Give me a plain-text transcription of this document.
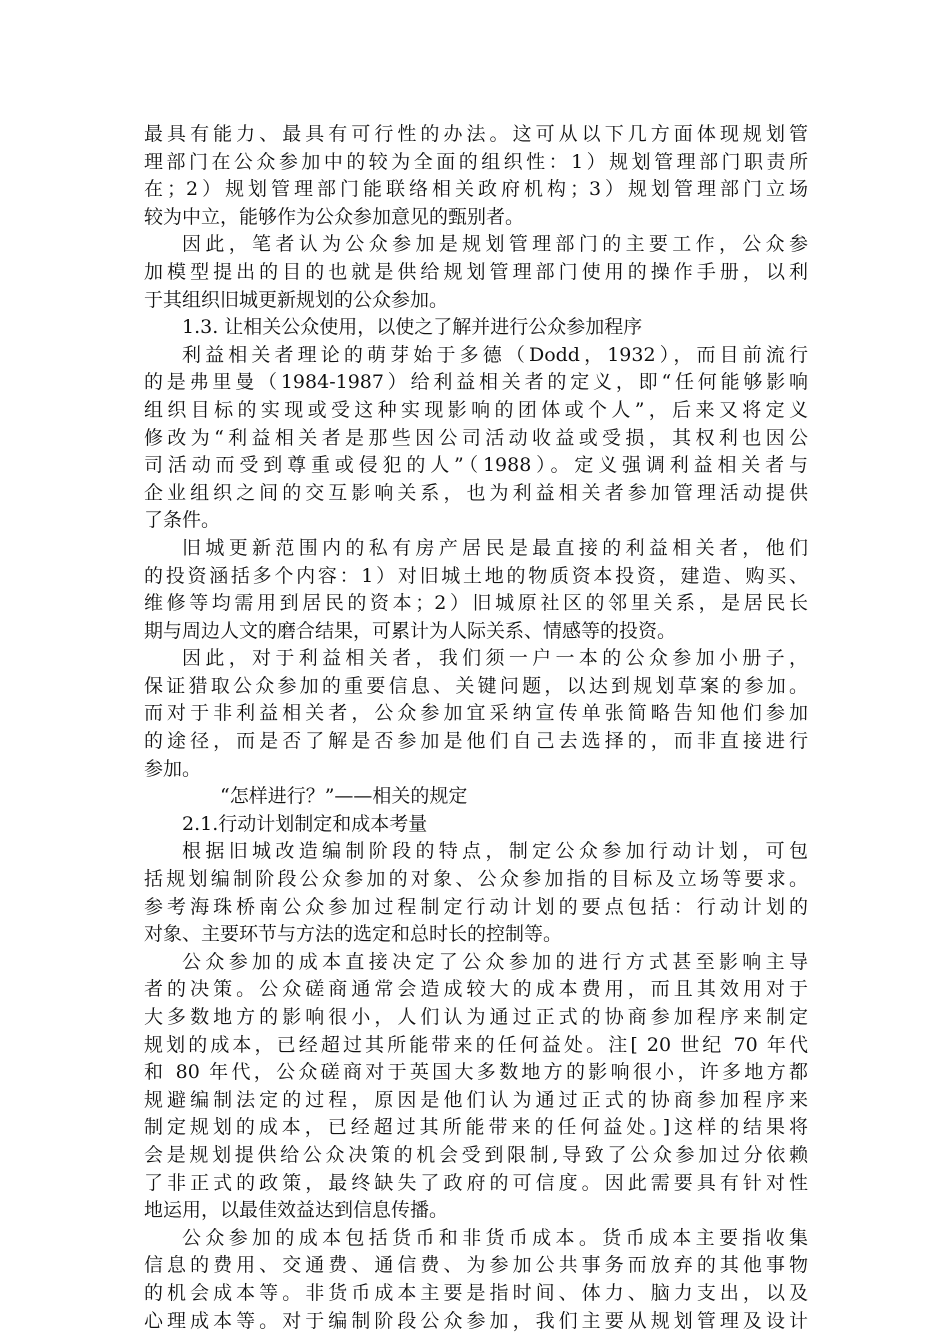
最具有能力、最具有可行性的办法。这可从以下几方面体现规划管
理部门在公众参加中的较为全面的组织性：1）规划管理部门职责所
在；2）规划管理部门能联络相关政府机构；3）规划管理部门立场
较为中立，能够作为公众参加意见的甄别者。
因此，笔者认为公众参加是规划管理部门的主要工作，公众参
加模型提出的目的也就是供给规划管理部门使用的操作手册，以利
于其组织旧城更新规划的公众参加。
1.3. 让相关公众使用，以使之了解并进行公众参加程序
利益相关者理论的萌芽始于多德（Dodd，1932），而目前流行
的是弗里曼（1984-1987）给利益相关者的定义，即“任何能够影响
组织目标的实现或受这种实现影响的团体或个人”，后来又将定义
修改为“利益相关者是那些因公司活动收益或受损，其权利也因公
司活动而受到尊重或侵犯的人”（1988）。定义强调利益相关者与
企业组织之间的交互影响关系，也为利益相关者参加管理活动提供
了条件。
旧城更新范围内的私有房产居民是最直接的利益相关者，他们
的投资涵括多个内容：1）对旧城土地的物质资本投资，建造、购买、
维修等均需用到居民的资本；2）旧城原社区的邻里关系，是居民长
期与周边人文的磨合结果，可累计为人际关系、情感等的投资。
因此，对于利益相关者，我们须一户一本的公众参加小册子，
保证猎取公众参加的重要信息、关键问题，以达到规划草案的参加。
而对于非利益相关者，公众参加宜采纳宣传单张简略告知他们参加
的途径，而是否了解是否参加是他们自己去选择的，而非直接进行
参加。
“怎样进行？”——相关的规定
2.1.行动计划制定和成本考量
根据旧城改造编制阶段的特点，制定公众参加行动计划，可包
括规划编制阶段公众参加的对象、公众参加指的目标及立场等要求。
参考海珠桥南公众参加过程制定行动计划的要点包括：行动计划的
对象、主要环节与方法的选定和总时长的控制等。
公众参加的成本直接决定了公众参加的进行方式甚至影响主导
者的决策。公众磋商通常会造成较大的成本费用，而且其效用对于
大多数地方的影响很小，人们认为通过正式的协商参加程序来制定
规划的成本，已经超过其所能带来的任何益处。注[ 20 世纪 70 年代
和 80 年代，公众磋商对于英国大多数地方的影响很小，许多地方都
规避编制法定的过程，原因是他们认为通过正式的协商参加程序来
制定规划的成本，已经超过其所能带来的任何益处。]这样的结果将
会是规划提供给公众决策的机会受到限制,导致了公众参加过分依赖
了非正式的政策，最终缺失了政府的可信度。因此需要具有针对性
地运用，以最佳效益达到信息传播。
公众参加的成本包括货币和非货币成本。货币成本主要指收集
信息的费用、交通费、通信费、为参加公共事务而放弃的其他事物
的机会成本等。非货币成本主要是指时间、体力、脑力支出，以及
心理成本等。对于编制阶段公众参加，我们主要从规划管理及设计
